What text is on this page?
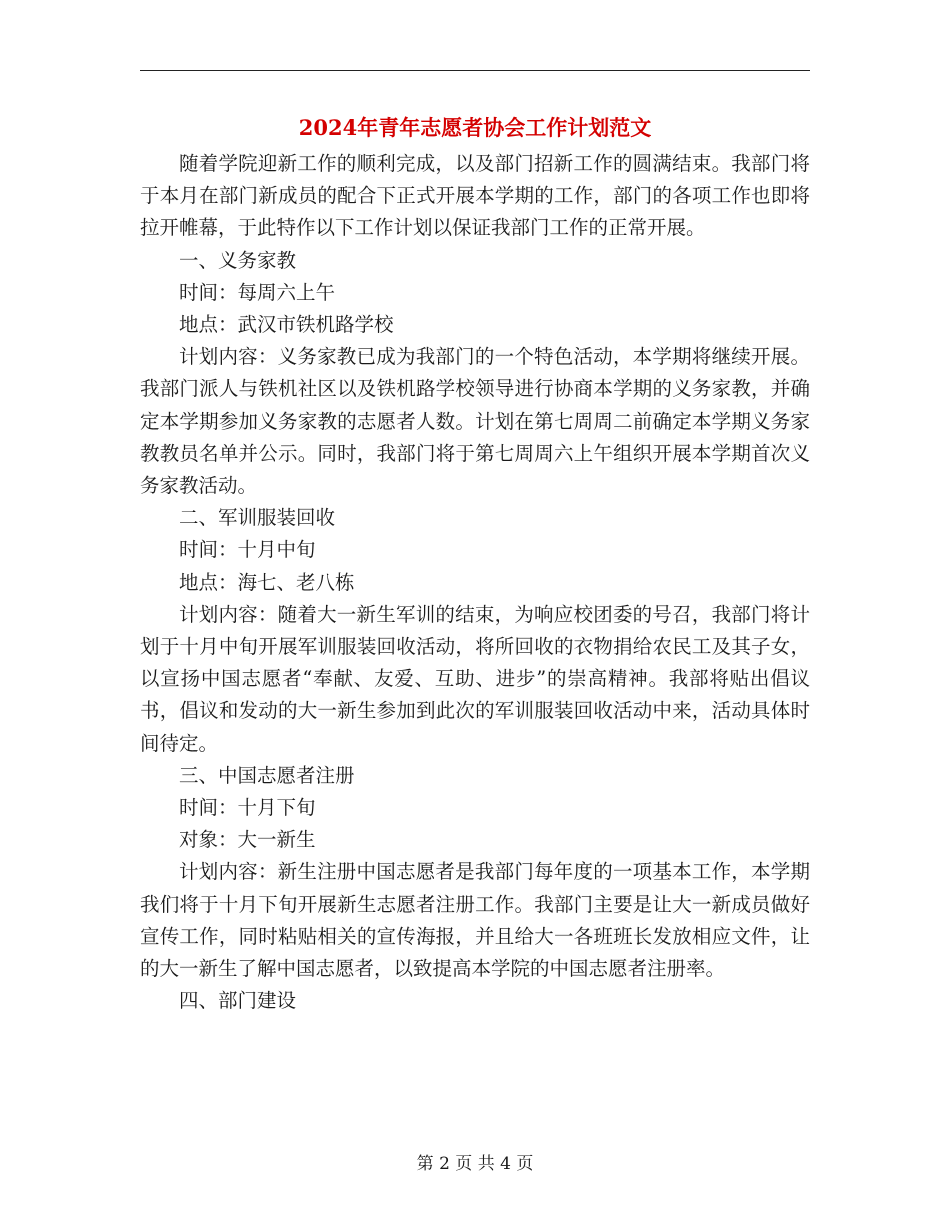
2024年青年志愿者协会工作计划范文

随着学院迎新工作的顺利完成，以及部门招新工作的圆满结束。我部门将于本月在部门新成员的配合下正式开展本学期的工作，部门的各项工作也即将拉开帷幕，于此特作以下工作计划以保证我部门工作的正常开展。

一、义务家教

时间：每周六上午

地点：武汉市铁机路学校

计划内容：义务家教已成为我部门的一个特色活动，本学期将继续开展。我部门派人与铁机社区以及铁机路学校领导进行协商本学期的义务家教，并确定本学期参加义务家教的志愿者人数。计划在第七周周二前确定本学期义务家教教员名单并公示。同时，我部门将于第七周周六上午组织开展本学期首次义务家教活动。

二、军训服装回收

时间：十月中旬

地点：海七、老八栋

计划内容：随着大一新生军训的结束，为响应校团委的号召，我部门将计划于十月中旬开展军训服装回收活动，将所回收的衣物捐给农民工及其子女，以宣扬中国志愿者“奉献、友爱、互助、进步”的崇高精神。我部将贴出倡议书，倡议和发动的大一新生参加到此次的军训服装回收活动中来，活动具体时间待定。

三、中国志愿者注册

时间：十月下旬

对象：大一新生

计划内容：新生注册中国志愿者是我部门每年度的一项基本工作，本学期我们将于十月下旬开展新生志愿者注册工作。我部门主要是让大一新成员做好宣传工作，同时粘贴相关的宣传海报，并且给大一各班班长发放相应文件，让的大一新生了解中国志愿者，以致提高本学院的中国志愿者注册率。

四、部门建设

第 2 页 共 4 页
